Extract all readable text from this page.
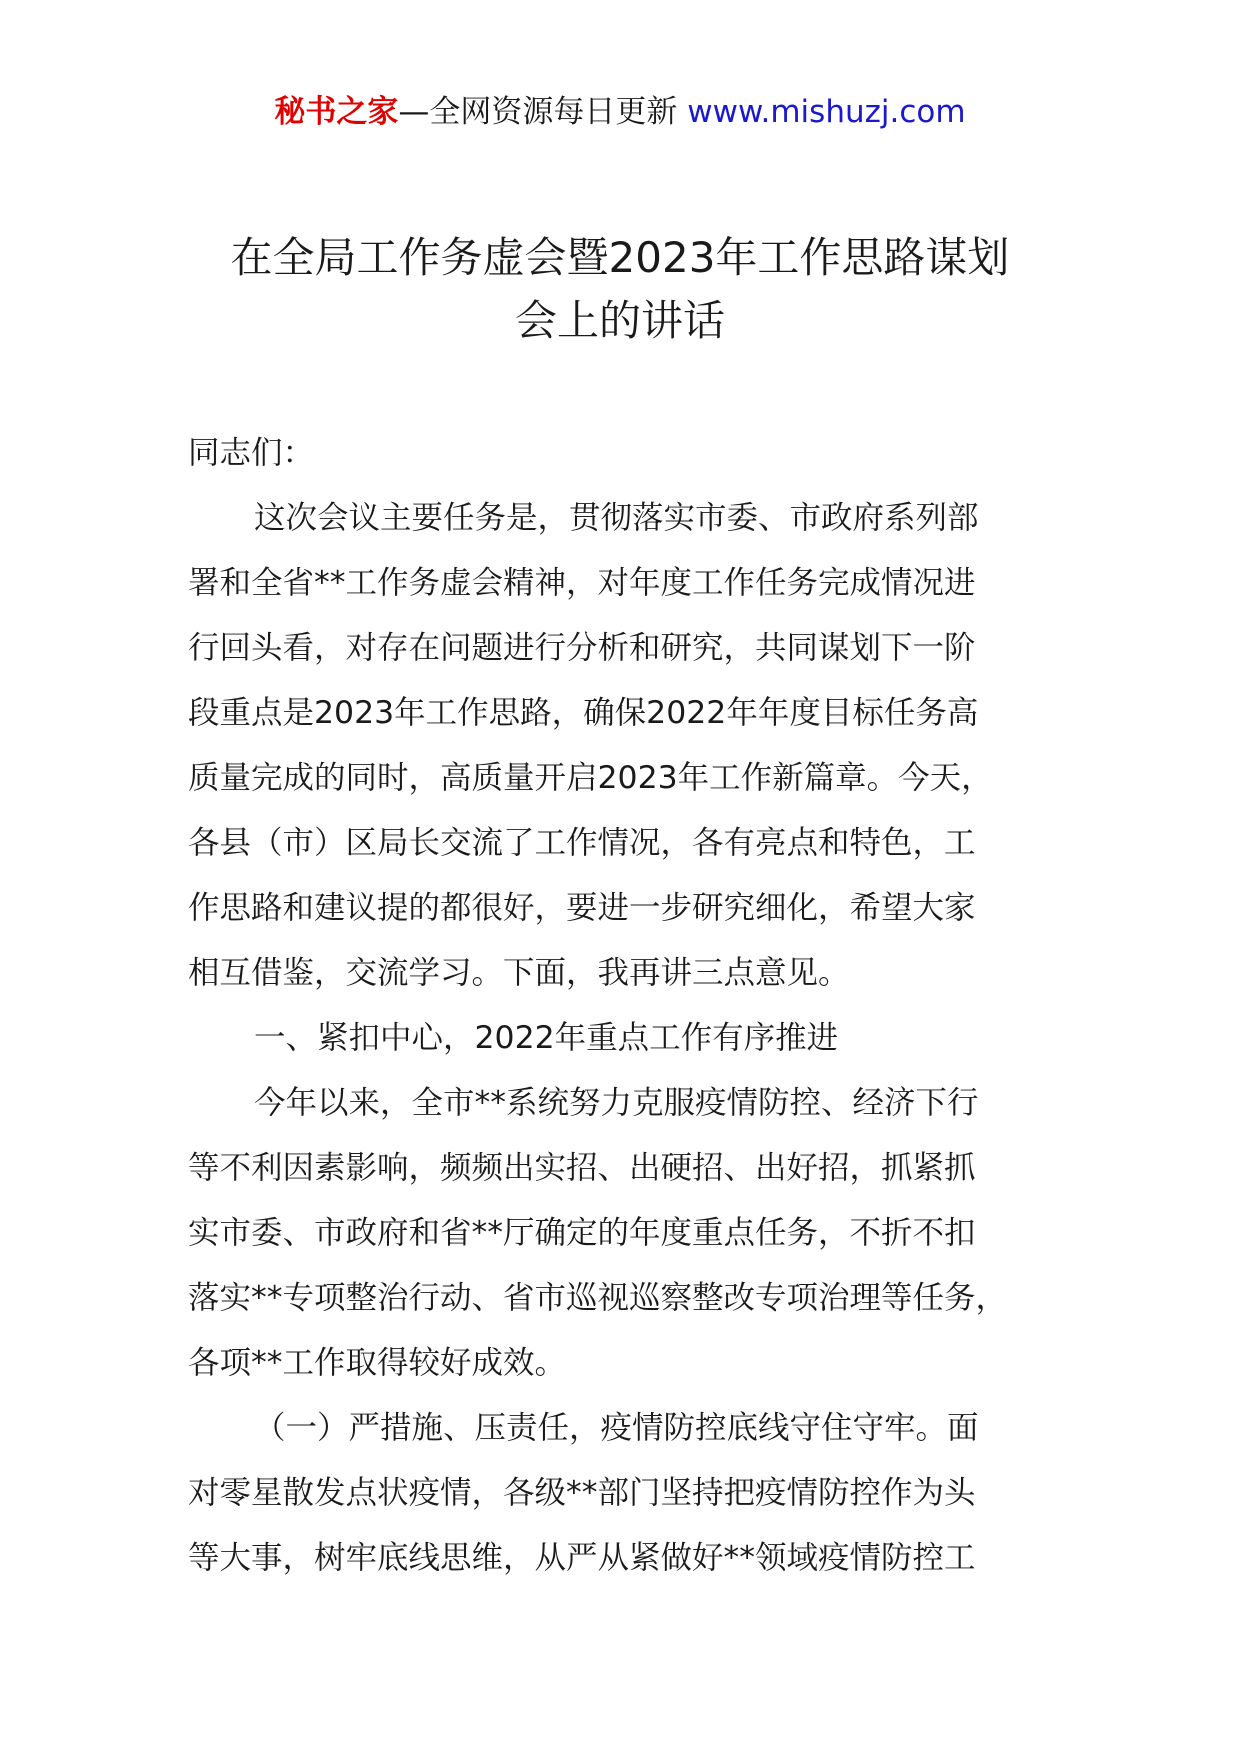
秘书之家—全网资源每日更新 www.mishuzj.com
在全局工作务虚会暨2023年工作思路谋划
会上的讲话
同志们：
这次会议主要任务是，贯彻落实市委、市政府系列部
署和全省**工作务虚会精神，对年度工作任务完成情况进
行回头看，对存在问题进行分析和研究，共同谋划下一阶
段重点是2023年工作思路，确保2022年年度目标任务高
质量完成的同时，高质量开启2023年工作新篇章。今天，
各县（市）区局长交流了工作情况，各有亮点和特色，工
作思路和建议提的都很好，要进一步研究细化，希望大家
相互借鉴，交流学习。下面，我再讲三点意见。
一、紧扣中心，2022年重点工作有序推进
今年以来，全市**系统努力克服疫情防控、经济下行
等不利因素影响，频频出实招、出硬招、出好招，抓紧抓
实市委、市政府和省**厅确定的年度重点任务，不折不扣
落实**专项整治行动、省市巡视巡察整改专项治理等任务，
各项**工作取得较好成效。
（一）严措施、压责任，疫情防控底线守住守牢。面
对零星散发点状疫情，各级**部门坚持把疫情防控作为头
等大事，树牢底线思维，从严从紧做好**领域疫情防控工
